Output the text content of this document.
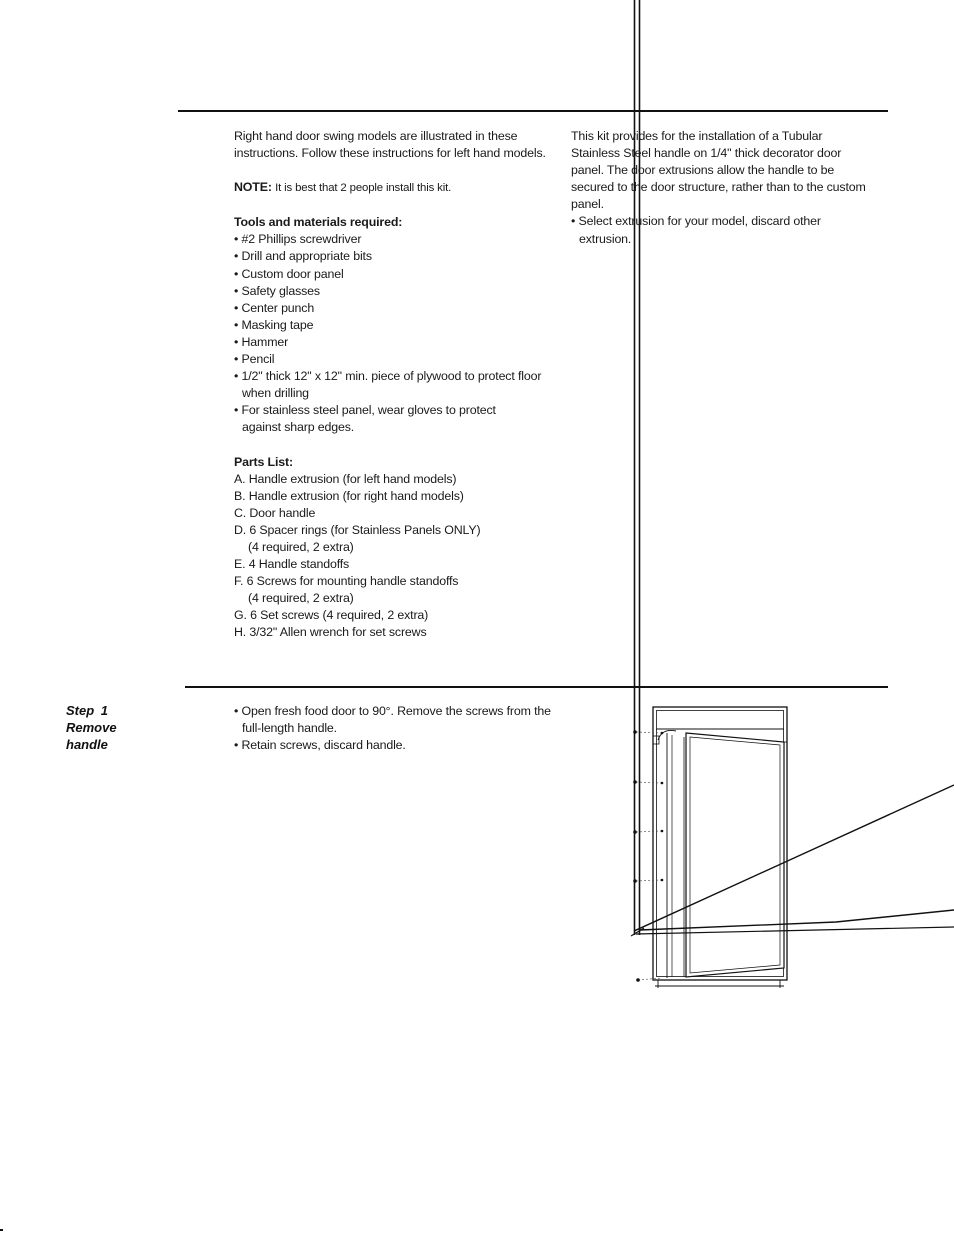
Right hand door swing models are illustrated in these instructions. Follow these instructions for left hand models.

NOTE: It is best that 2 people install this kit.

Tools and materials required:

• #2 Phillips screwdriver

• Drill and appropriate bits

• Custom door panel

• Safety glasses

• Center punch

• Masking tape

• Hammer

• Pencil

• 1/2" thick 12" x 12" min. piece of plywood to protect floor when drilling

• For stainless steel panel, wear gloves to protect against sharp edges.

Parts List:

A. Handle extrusion (for left hand models)

B. Handle extrusion (for right hand models)

C. Door handle

D. 6 Spacer rings (for Stainless Panels ONLY)

(4 required, 2 extra)

E. 4 Handle standoffs

F. 6 Screws for mounting handle standoffs

(4 required, 2 extra)

G. 6 Set screws (4 required, 2 extra)

H. 3/32" Allen wrench for set screws

This kit provides for the installation of a Tubular Stainless Steel handle on 1/4" thick decorator door panel. The door extrusions allow the handle to be secured to the door structure, rather than to the custom panel.

• Select extrusion for your model, discard other extrusion.

Step 1
Remove
handle

• Open fresh food door to 90°. Remove the screws from the full-length handle.

• Retain screws, discard handle.
